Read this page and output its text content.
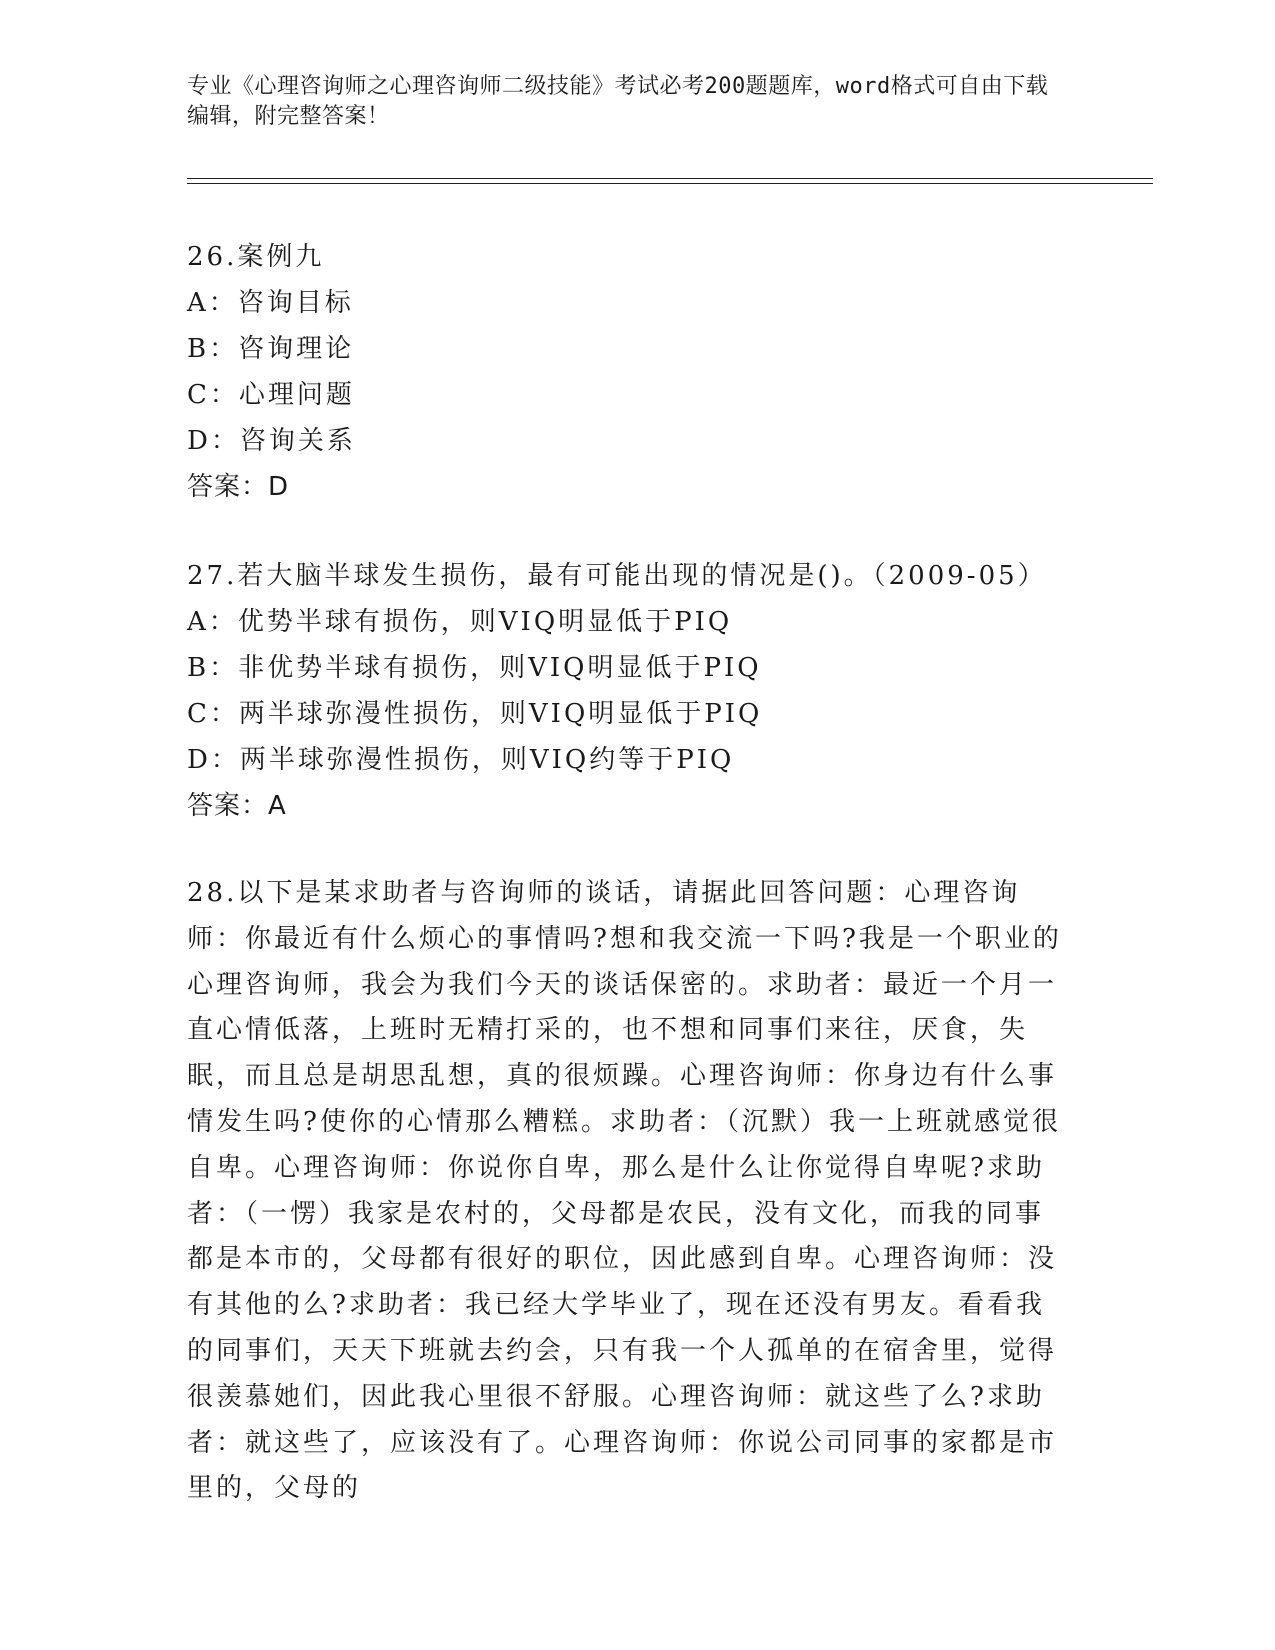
专业《心理咨询师之心理咨询师二级技能》考试必考200题题库，word格式可自由下载编辑，附完整答案！
26.案例九
A：咨询目标
B：咨询理论
C：心理问题
D：咨询关系
答案：D
27.若大脑半球发生损伤，最有可能出现的情况是()。（2009-05）
A：优势半球有损伤，则VIQ明显低于PIQ
B：非优势半球有损伤，则VIQ明显低于PIQ
C：两半球弥漫性损伤，则VIQ明显低于PIQ
D：两半球弥漫性损伤，则VIQ约等于PIQ
答案：A
28.以下是某求助者与咨询师的谈话，请据此回答问题：心理咨询师：你最近有什么烦心的事情吗?想和我交流一下吗?我是一个职业的心理咨询师，我会为我们今天的谈话保密的。求助者：最近一个月一直心情低落，上班时无精打采的，也不想和同事们来往，厌食，失眠，而且总是胡思乱想，真的很烦躁。心理咨询师：你身边有什么事情发生吗?使你的心情那么糟糕。求助者：（沉默）我一上班就感觉很自卑。心理咨询师：你说你自卑，那么是什么让你觉得自卑呢?求助者：（一愣）我家是农村的，父母都是农民，没有文化，而我的同事都是本市的，父母都有很好的职位，因此感到自卑。心理咨询师：没有其他的么?求助者：我已经大学毕业了，现在还没有男友。看看我的同事们，天天下班就去约会，只有我一个人孤单的在宿舍里，觉得很羡慕她们，因此我心里很不舒服。心理咨询师：就这些了么?求助者：就这些了，应该没有了。心理咨询师：你说公司同事的家都是市里的，父母的
